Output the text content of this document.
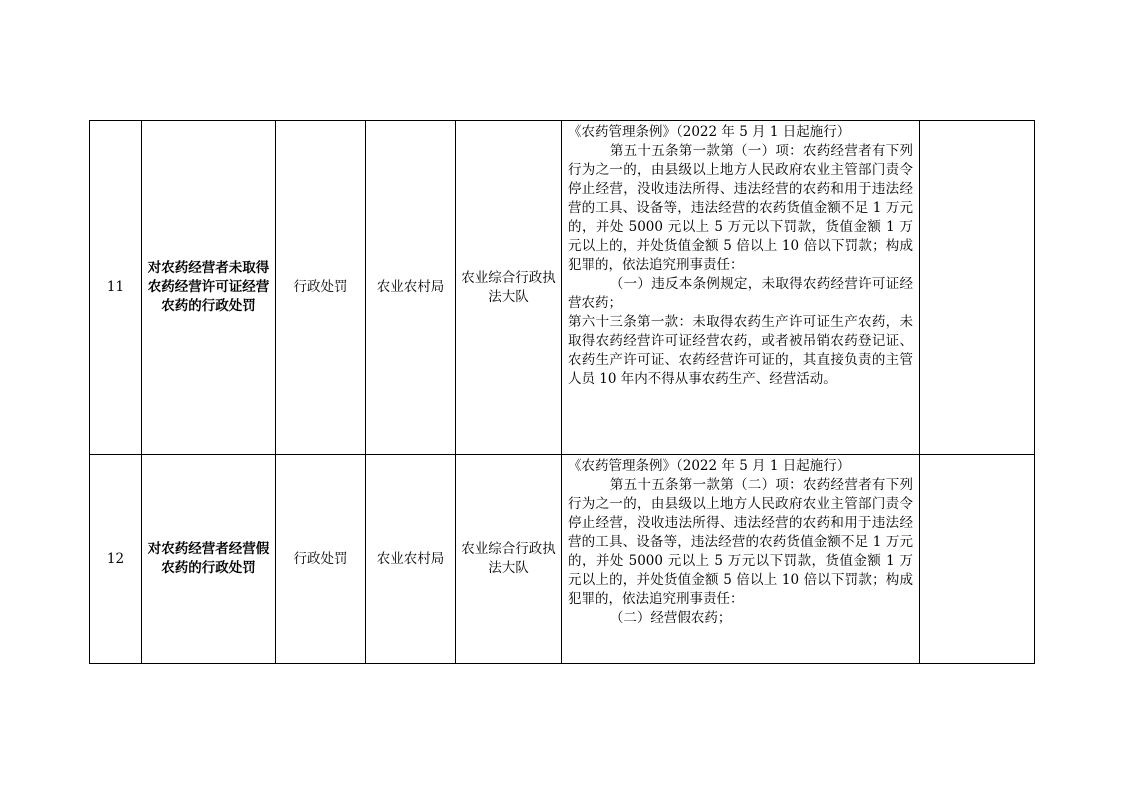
11	对农药经营者未取得农药经营许可证经营农药的行政处罚	行政处罚	农业农村局	农业综合行政执法大队	《农药管理条例》（2022 年 5 月 1 日起施行）

第五十五条第一款第（一）项：农药经营者有下列行为之一的，由县级以上地方人民政府农业主管部门责令停止经营，没收违法所得、违法经营的农药和用于违法经营的工具、设备等，违法经营的农药货值金额不足 1 万元的，并处 5000 元以上 5 万元以下罚款，货值金额 1 万元以上的，并处货值金额 5 倍以上 10 倍以下罚款；构成犯罪的，依法追究刑事责任：

（一）违反本条例规定，未取得农药经营许可证经营农药；

第六十三条第一款：未取得农药生产许可证生产农药，未取得农药经营许可证经营农药，或者被吊销农药登记证、农药生产许可证、农药经营许可证的，其直接负责的主管人员 10 年内不得从事农药生产、经营活动。	

12	对农药经营者经营假农药的行政处罚	行政处罚	农业农村局	农业综合行政执法大队	《农药管理条例》（2022 年 5 月 1 日起施行）

第五十五条第一款第（二）项：农药经营者有下列行为之一的，由县级以上地方人民政府农业主管部门责令停止经营，没收违法所得、违法经营的农药和用于违法经营的工具、设备等，违法经营的农药货值金额不足 1 万元的，并处 5000 元以上 5 万元以下罚款，货值金额 1 万元以上的，并处货值金额 5 倍以上 10 倍以下罚款；构成犯罪的，依法追究刑事责任：

（二）经营假农药；	
